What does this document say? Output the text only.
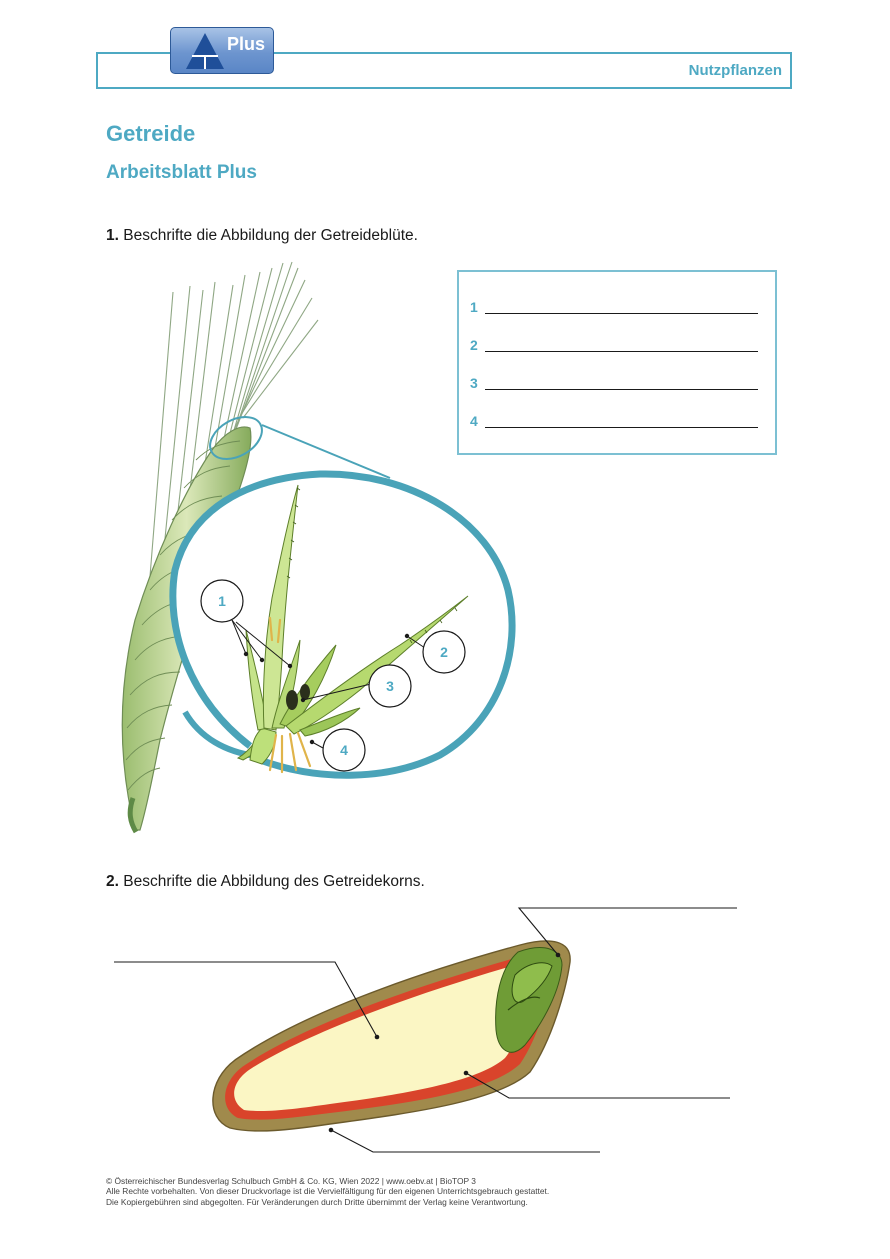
Nutzpflanzen
Plus
Getreide
Arbeitsblatt Plus
1. Beschrifte die Abbildung der Getreideblüte.
1
2
3
4
1
2
3
4
2. Beschrifte die Abbildung des Getreidekorns.
© Österreichischer Bundesverlag Schulbuch GmbH & Co. KG, Wien 2022 | www.oebv.at | BioTOP 3
Alle Rechte vorbehalten. Von dieser Druckvorlage ist die Vervielfältigung für den eigenen Unterrichtsgebrauch gestattet.
Die Kopiergebühren sind abgegolten. Für Veränderungen durch Dritte übernimmt der Verlag keine Verantwortung.
